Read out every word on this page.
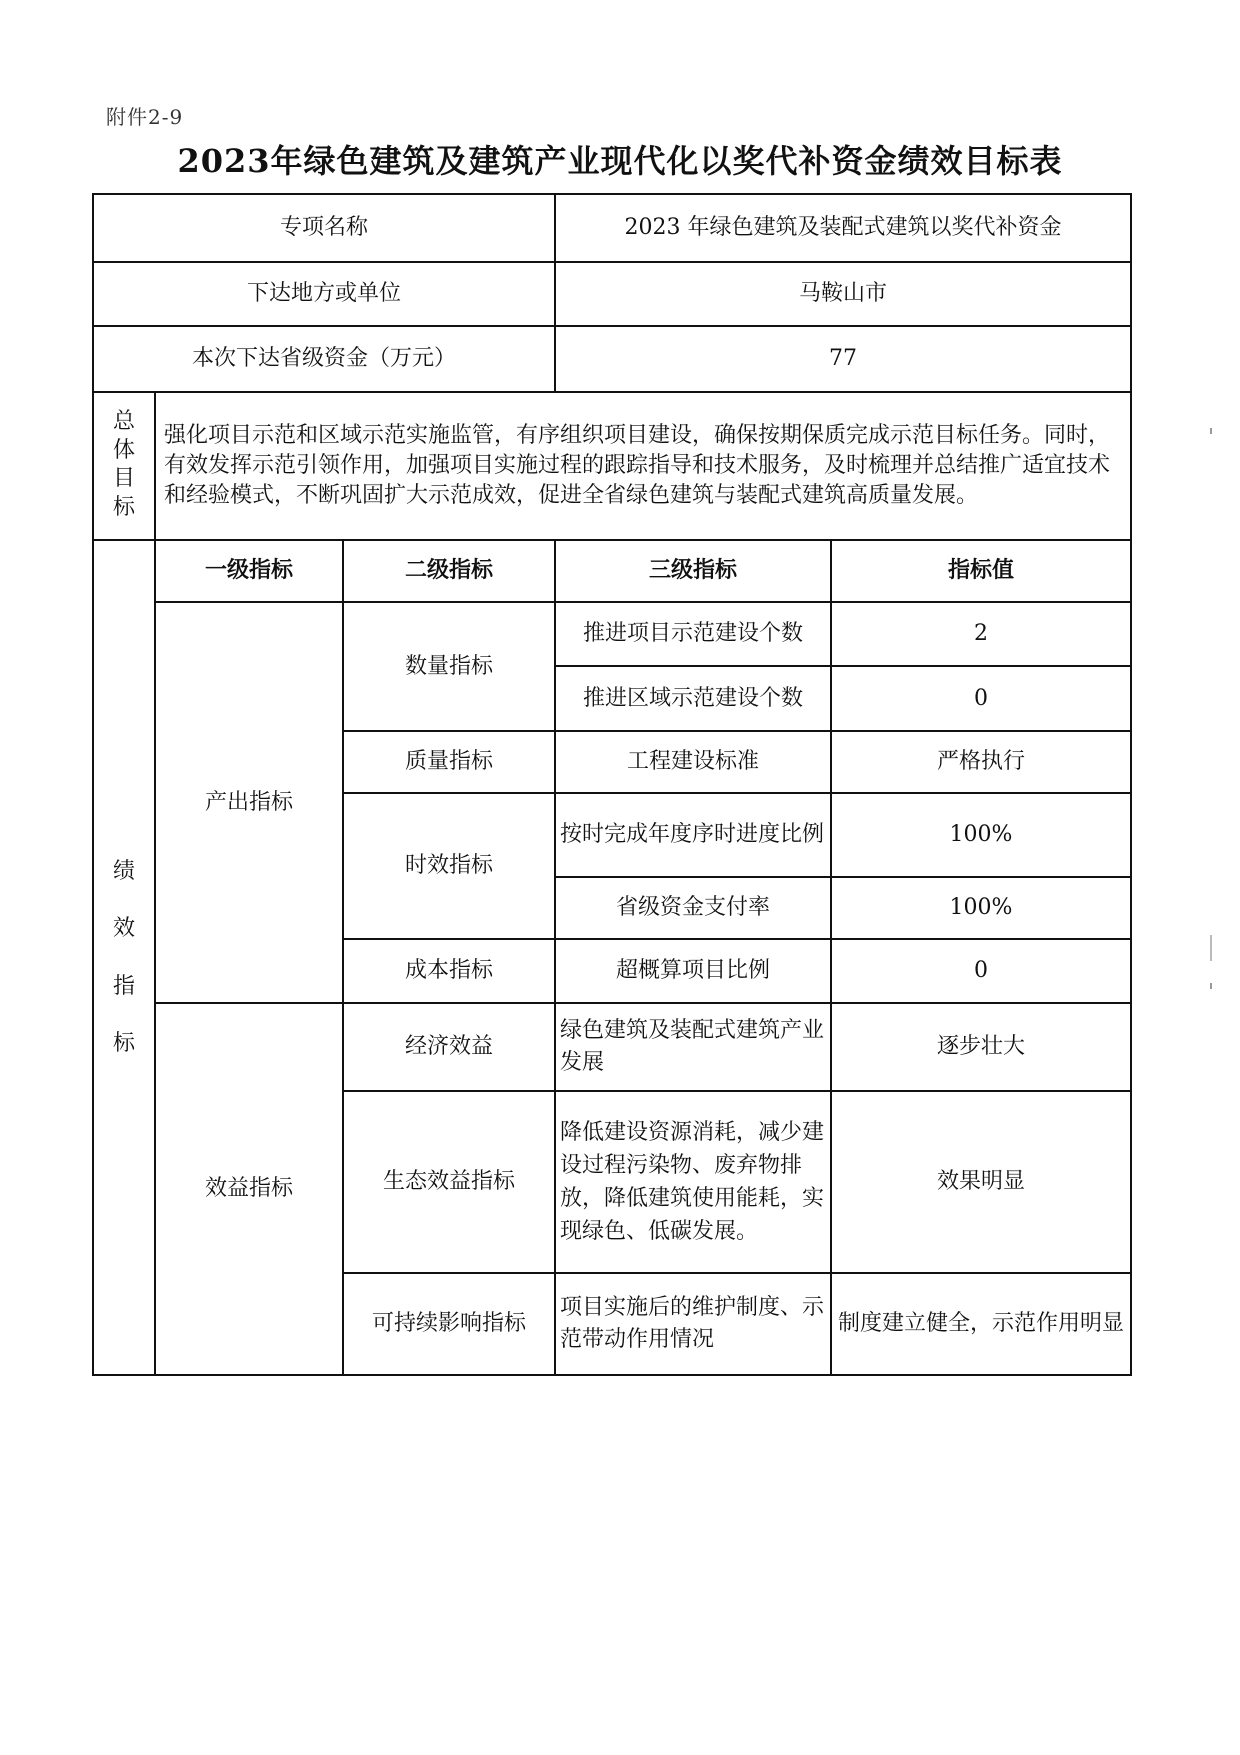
附件2-9
2023年绿色建筑及建筑产业现代化以奖代补资金绩效目标表
专项名称			2023 年绿色建筑及装配式建筑以奖代补资金	
下达地方或单位			马鞍山市	
本次下达省级资金（万元）			77	
总体目标	强化项目示范和区域示范实施监管，有序组织项目建设，确保按期保质完成示范目标任务。同时，有效发挥示范引领作用，加强项目实施过程的跟踪指导和技术服务，及时梳理并总结推广适宜技术和经验模式，不断巩固扩大示范成效，促进全省绿色建筑与装配式建筑高质量发展。			
绩效指标	一级指标	二级指标	三级指标	指标值
	产出指标	数量指标	推进项目示范建设个数	2
			推进区域示范建设个数	0
		质量指标	工程建设标准	严格执行
		时效指标	按时完成年度序时进度比例	100%
			省级资金支付率	100%
		成本指标	超概算项目比例	0
	效益指标	经济效益	绿色建筑及装配式建筑产业发展	逐步壮大
		生态效益指标	降低建设资源消耗，减少建设过程污染物、废弃物排放，降低建筑使用能耗，实现绿色、低碳发展。	效果明显
		可持续影响指标	项目实施后的维护制度、示范带动作用情况	制度建立健全，示范作用明显
